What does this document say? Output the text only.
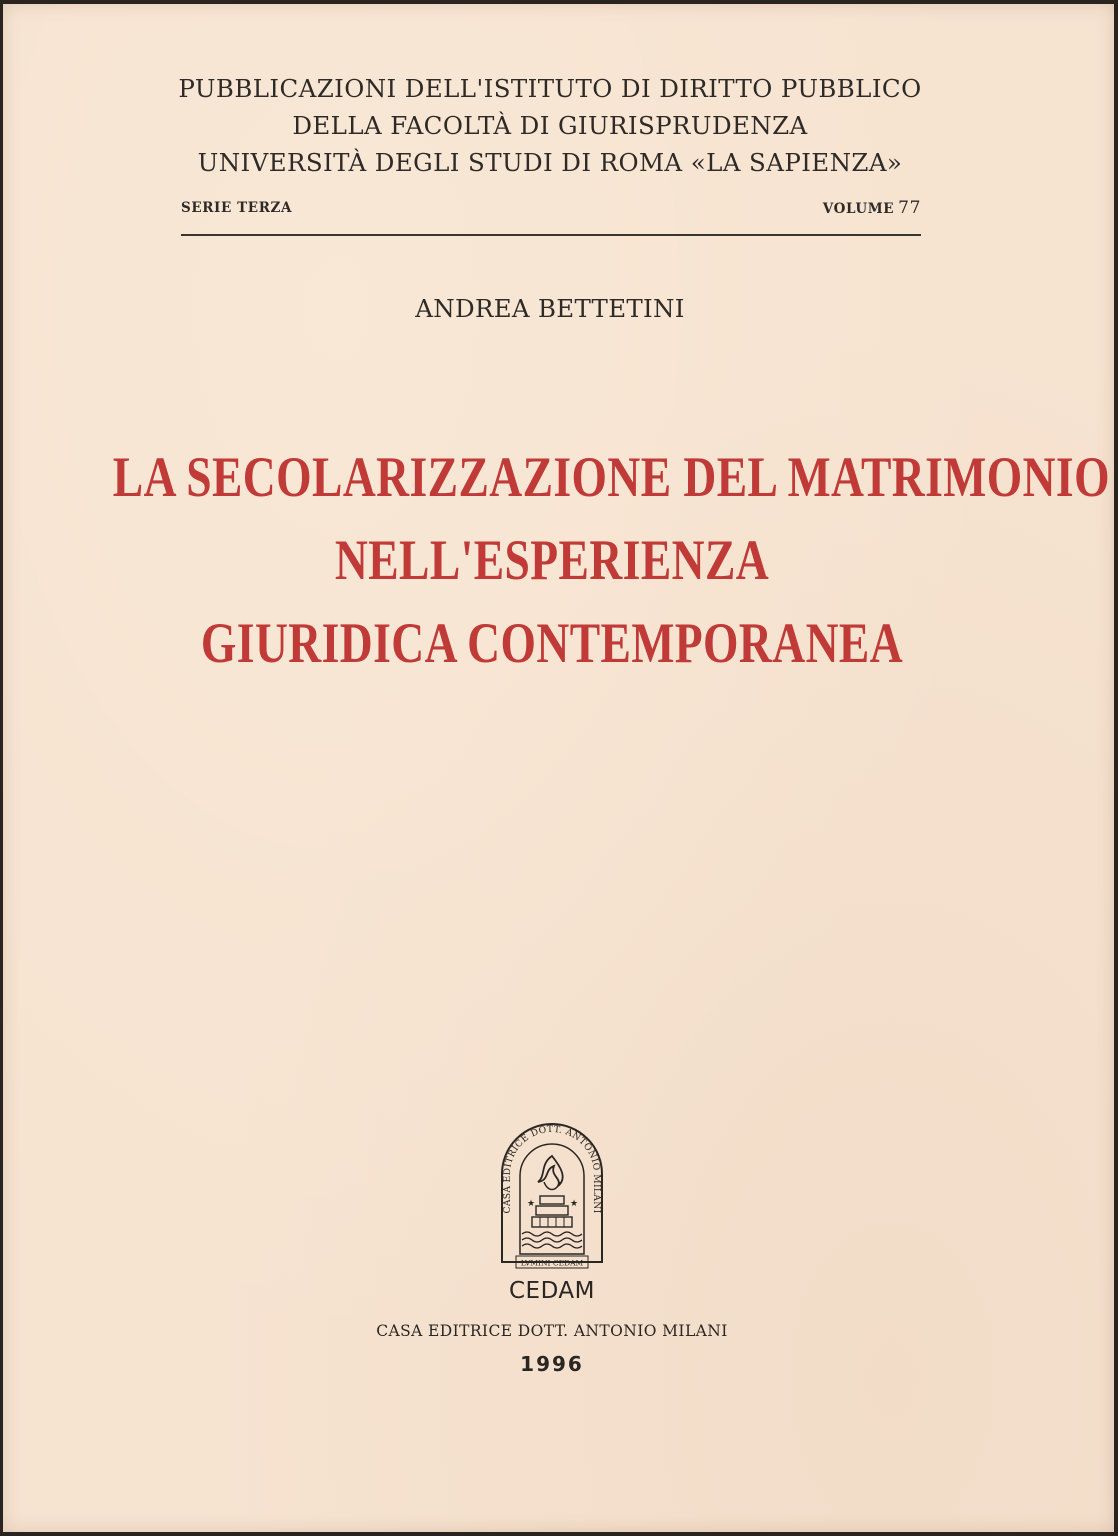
PUBBLICAZIONI DELL'ISTITUTO DI DIRITTO PUBBLICO
DELLA FACOLTÀ DI GIURISPRUDENZA
UNIVERSITÀ DEGLI STUDI DI ROMA «LA SAPIENZA»
SERIE TERZA	VOLUME 77
ANDREA BETTETINI
LA SECOLARIZZAZIONE DEL MATRIMONIO
NELL'ESPERIENZA
GIURIDICA CONTEMPORANEA
★	★
CASA EDITRICE DOTT. ANTONIO MILANI
LVMINI CEDAM
CEDAM
CASA EDITRICE DOTT. ANTONIO MILANI
1996
